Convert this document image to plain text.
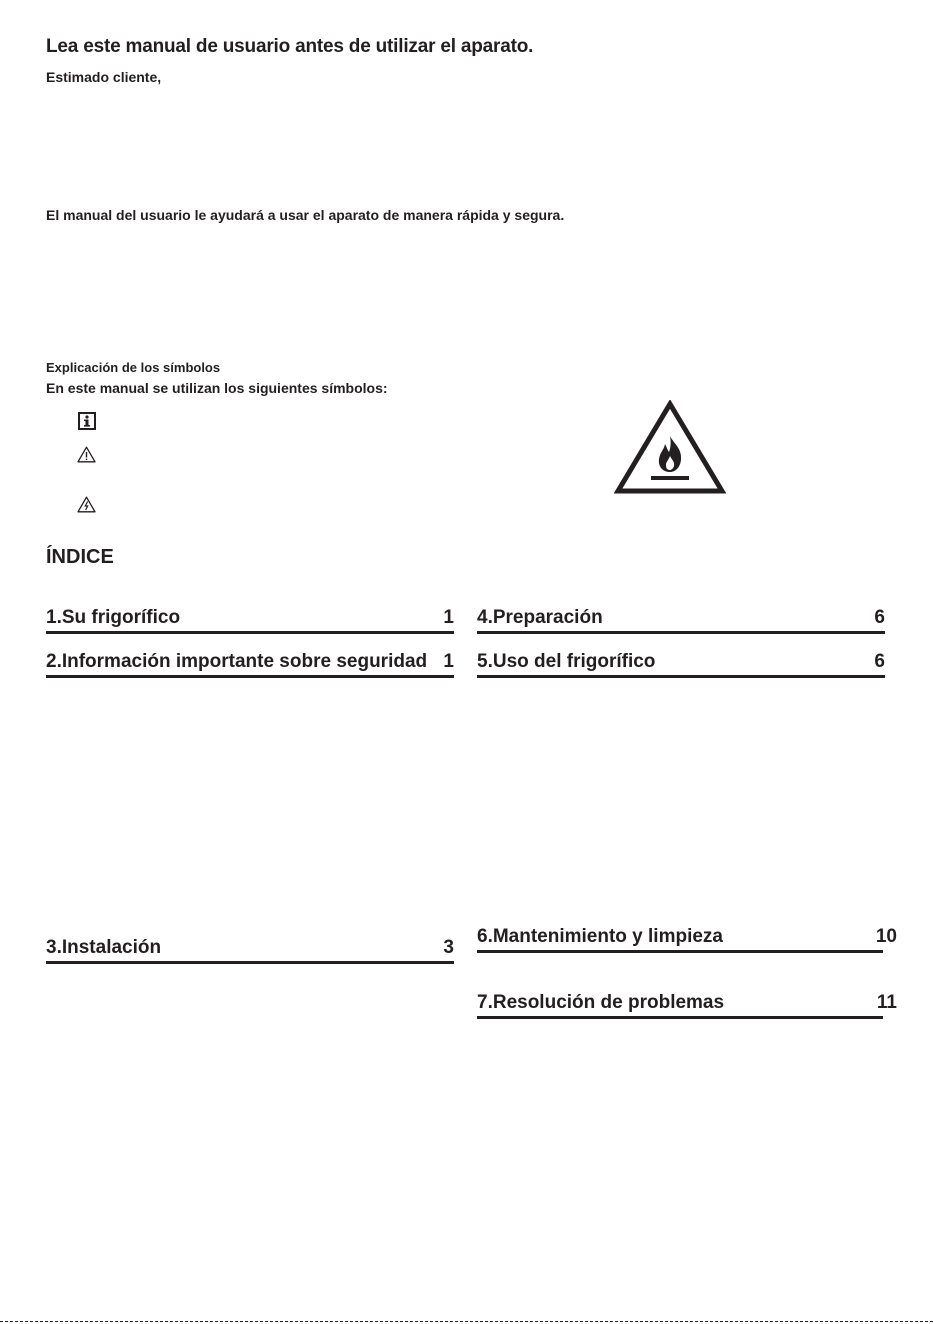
Lea este manual de usuario antes de utilizar el aparato.
Estimado cliente,
El manual del usuario le ayudará a usar el aparato de manera rápida y segura.
Explicación de los símbolos
En este manual se utilizan los siguientes símbolos:
ÍNDICE
1.Su frigorífico	1
2.Información importante sobre seguridad 1
3.Instalación	3
4.Preparación	6
5.Uso del frigorífico	6
6.Mantenimiento y limpieza	10
7.Resolución de problemas	11
